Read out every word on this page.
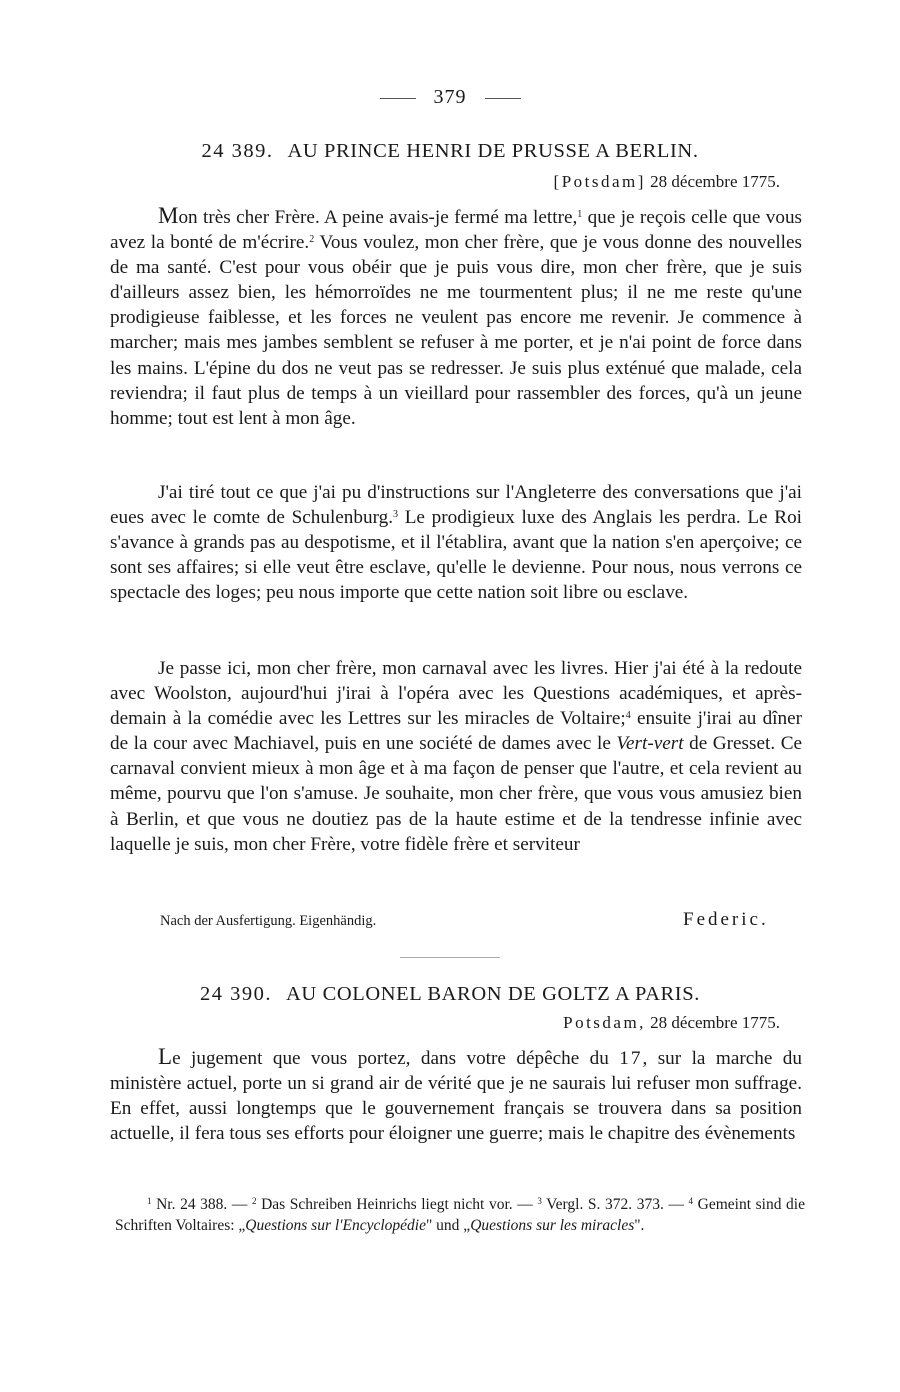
379
24 389. AU PRINCE HENRI DE PRUSSE A BERLIN.
[Potsdam] 28 décembre 1775.

Mon très cher Frère. A peine avais-je fermé ma lettre,$^1$ que je reçois celle que vous avez la bonté de m'écrire.$^2$ Vous voulez, mon cher frère, que je vous donne des nouvelles de ma santé. C'est pour vous obéir que je puis vous dire, mon cher frère, que je suis d'ailleurs assez bien, les hémorroïdes ne me tourmentent plus; il ne me reste qu'une prodigieuse faiblesse, et les forces ne veulent pas encore me revenir. Je commence à marcher; mais mes jambes semblent se refuser à me porter, et je n'ai point de force dans les mains. L'épine du dos ne veut pas se redresser. Je suis plus exténué que malade, cela reviendra; il faut plus de temps à un vieillard pour rassembler des forces, qu'à un jeune homme; tout est lent à mon âge.

J'ai tiré tout ce que j'ai pu d'instructions sur l'Angleterre des conversations que j'ai eues avec le comte de Schulenburg.$^3$ Le prodigieux luxe des Anglais les perdra. Le Roi s'avance à grands pas au despotisme, et il l'établira, avant que la nation s'en aperçoive; ce sont ses affaires; si elle veut être esclave, qu'elle le devienne. Pour nous, nous verrons ce spectacle des loges; peu nous importe que cette nation soit libre ou esclave.

Je passe ici, mon cher frère, mon carnaval avec les livres. Hier j'ai été à la redoute avec Woolston, aujourd'hui j'irai à l'opéra avec les Questions académiques, et après-demain à la comédie avec les Lettres sur les miracles de Voltaire;$^4$ ensuite j'irai au dîner de la cour avec Machiavel, puis en une société de dames avec le Vert-vert de Gresset. Ce carnaval convient mieux à mon âge et à ma façon de penser que l'autre, et cela revient au même, pourvu que l'on s'amuse. Je souhaite, mon cher frère, que vous vous amusiez bien à Berlin, et que vous ne doutiez pas de la haute estime et de la tendresse infinie avec laquelle je suis, mon cher Frère, votre fidèle frère et serviteur

Nach der Ausfertigung. Eigenhändig.	Federic.
24 390. AU COLONEL BARON DE GOLTZ A PARIS.
Potsdam, 28 décembre 1775.

Le jugement que vous portez, dans votre dépêche du 17, sur la marche du ministère actuel, porte un si grand air de vérité que je ne saurais lui refuser mon suffrage. En effet, aussi longtemps que le gouvernement français se trouvera dans sa position actuelle, il fera tous ses efforts pour éloigner une guerre; mais le chapitre des évènements

$^1$ Nr. 24 388. — $^2$ Das Schreiben Heinrichs liegt nicht vor. — $^3$ Vergl. S. 372. 373. — $^4$ Gemeint sind die Schriften Voltaires: „Questions sur l'Encyclopédie" und „Questions sur les miracles".
